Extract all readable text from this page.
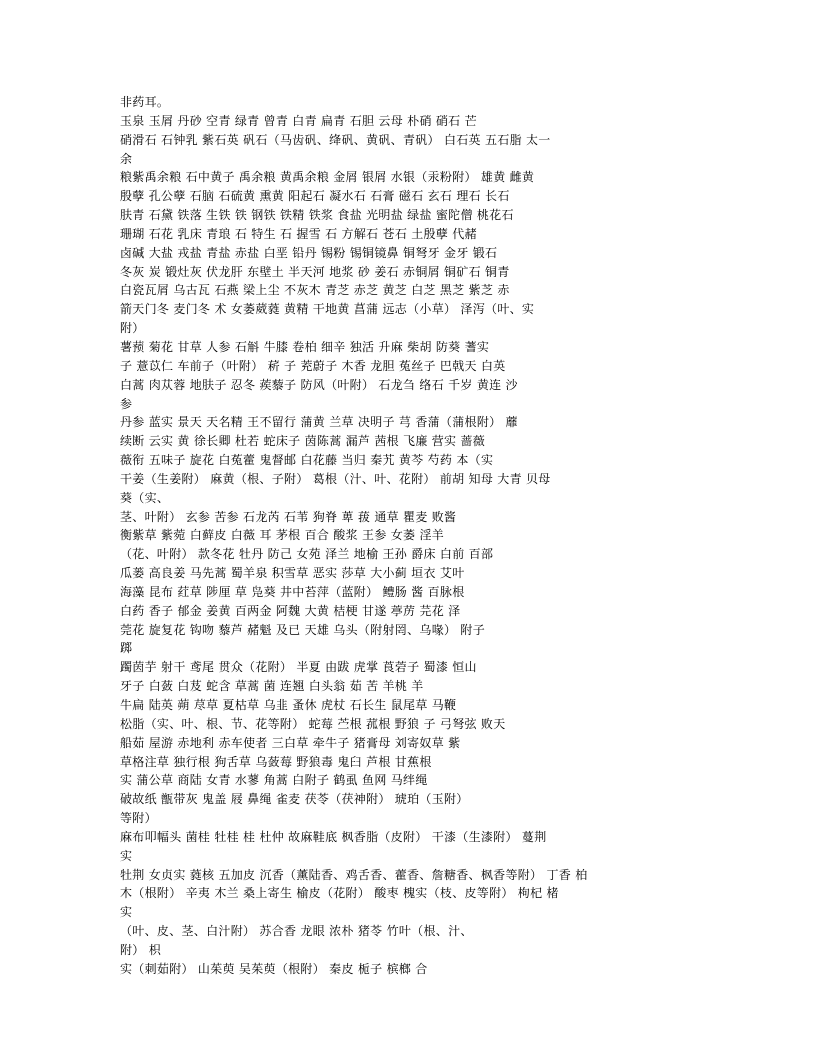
非药耳。
玉泉 玉屑 丹砂 空青 绿青 曾青 白青 扁青 石胆 云母 朴硝 硝石 芒
硝滑石 石钟乳 紫石英 矾石（马齿矾、绛矾、黄矾、青矾） 白石英 五石脂 太一
余
粮紫禹余粮 石中黄子 禹余粮 黄禹余粮 金屑 银屑 水银（汞粉附） 雄黄 雌黄
殷孽 孔公孽 石脑 石硫黄 熏黄 阳起石 凝水石 石膏 磁石 玄石 理石 长石
肤青 石黛 铁落 生铁 铁 钢铁 铁精 铁浆 食盐 光明盐 绿盐 蜜陀僧 桃花石
珊瑚 石花 乳床 青琅 石 特生 石 握雪 石 方解石 苍石 土殷孽 代赭
卤碱 大盐 戎盐 青盐 赤盐 白垩 铅丹 锡粉 锡铜镜鼻 铜弩牙 金牙 锻石
冬灰 炭 锻灶灰 伏龙肝 东壁土 半天河 地浆 砂 姜石 赤铜屑 铜矿石 铜青
白瓷瓦屑 乌古瓦 石燕 梁上尘 不灰木 青芝 赤芝 黄芝 白芝 黑芝 紫芝 赤
箭天门冬 麦门冬 术 女萎葳蕤 黄精 干地黄 菖蒲 远志（小草） 泽泻（叶、实
附）
薯蓣 菊花 甘草 人参 石斛 牛膝 卷柏 细辛 独活 升麻 柴胡 防葵 蓍实
子 薏苡仁 车前子（叶附） 菥 子 茺蔚子 木香 龙胆 菟丝子 巴戟天 白英
白蒿 肉苁蓉 地肤子 忍冬 蒺藜子 防风（叶附） 石龙刍 络石 千岁 黄连 沙
参
丹参 蓝实 景天 天名精 王不留行 蒲黄 兰草 决明子 芎 香蒲（蒲根附） 蘼
续断 云实 黄 徐长卿 杜若 蛇床子 茵陈蒿 漏芦 茜根 飞廉 营实 蔷薇
薇衔 五味子 旋花 白菟藿 鬼督邮 白花藤 当归 秦艽 黄芩 芍药 本（实
干姜（生姜附） 麻黄（根、子附） 葛根（汁、叶、花附） 前胡 知母 大青 贝母
葵（实、
茎、叶附） 玄参 苦参 石龙芮 石苇 狗脊 萆 菝 通草 瞿麦 败酱
衡紫草 紫菀 白藓皮 白薇 耳 茅根 百合 酸浆 王参 女萎 淫羊
（花、叶附） 款冬花 牡丹 防己 女苑 泽兰 地榆 王孙 爵床 白前 百部
瓜蒌 高良姜 马先蒿 蜀羊泉 积雪草 恶实 莎草 大小蓟 垣衣 艾叶
海藻 昆布 荭草 陟厘 草 凫葵 井中苔萍（蓝附） 鳢肠 酱 百脉根
白药 香子 郁金 姜黄 百两金 阿魏 大黄 桔梗 甘遂 葶苈 芫花 泽
莞花 旋复花 钩吻 藜芦 赭魁 及已 天雄 乌头（附射罔、乌喙） 附子
踯
躅茵芋 射干 鸢尾 贯众（花附） 半夏 由跋 虎掌 莨菪子 蜀漆 恒山
牙子 白蔹 白芨 蛇含 草蒿 菌 连翘 白头翁 茹 苦 羊桃 羊
牛扁 陆英 蒴 荩草 夏枯草 乌韭 蚤休 虎杖 石长生 鼠尾草 马鞭
松脂（实、叶、根、节、花等附） 蛇莓 苎根 菰根 野狼 子 弓弩弦 败天
船茹 屋游 赤地利 赤车使者 三白草 牵牛子 猪膏母 刘寄奴草 紫
草格注草 独行根 狗舌草 乌蔹莓 野狼毒 鬼臼 芦根 甘蕉根
实 蒲公草 商陆 女青 水蓼 角蒿 白附子 鹤虱 鱼网 马绊绳
破故纸 甑带灰 鬼盖 屐 鼻绳 雀麦 茯苓（茯神附） 琥珀（玉附）
等附）
麻布叩幅头 菌桂 牡桂 桂 杜仲 故麻鞋底 枫香脂（皮附） 干漆（生漆附） 蔓荆
实
牡荆 女贞实 蕤核 五加皮 沉香（薰陆香、鸡舌香、藿香、詹糖香、枫香等附） 丁香 柏
木（根附） 辛夷 木兰 桑上寄生 榆皮（花附） 酸枣 槐实（枝、皮等附） 枸杞 楮
实
（叶、皮、茎、白汁附） 苏合香 龙眼 浓朴 猪苓 竹叶（根、汁、
附） 枳
实（刺茹附） 山茱萸 吴茱萸（根附） 秦皮 栀子 槟榔 合
